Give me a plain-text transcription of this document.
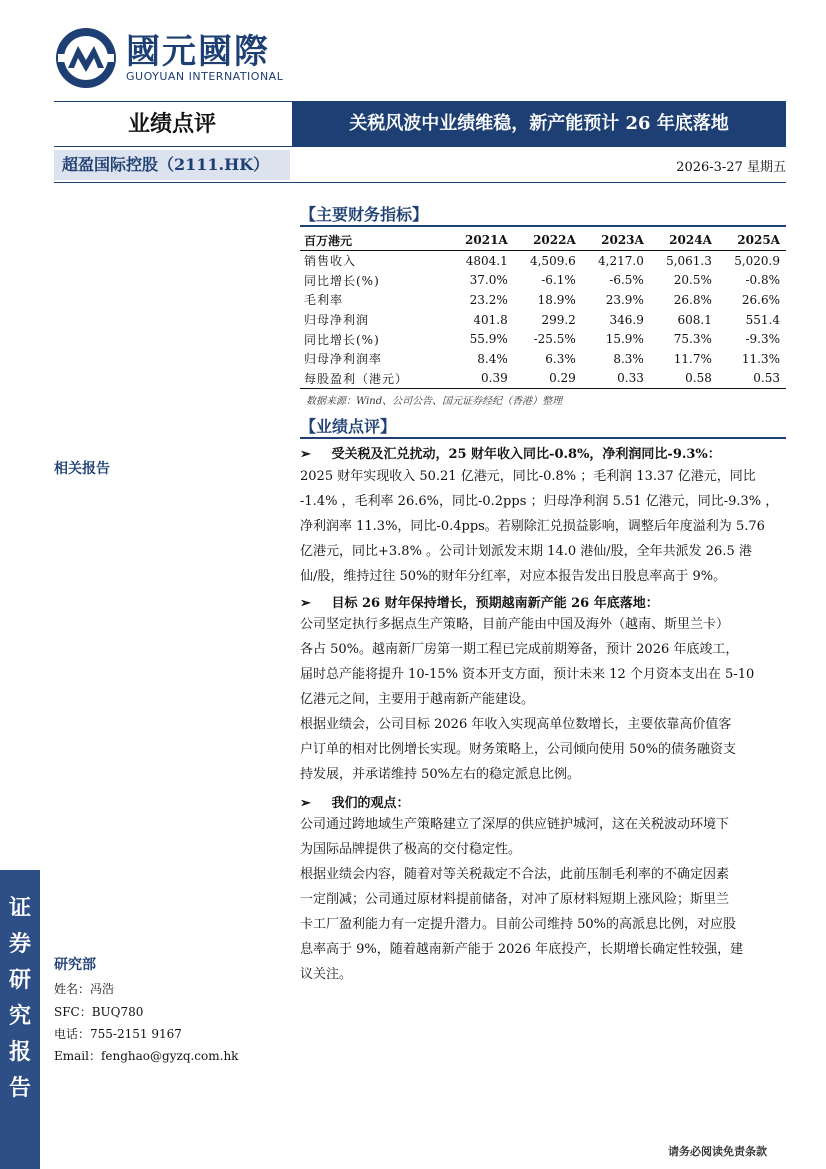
國元國際
GUOYUAN INTERNATIONAL
业绩点评	关税风波中业绩维稳，新产能预计 26 年底落地
超盈国际控股（2111.HK）	2026-3-27 星期五
相关报告
研究部
姓名：冯浩
SFC：BUQ780
电话：755-2151 9167
Email：fenghao@gyzq.com.hk
证
券
研
究
报
告
【主要财务指标】
百万港元	2021A	2022A	2023A	2024A	2025A
销售收入	4804.1	4,509.6	4,217.0	5,061.3	5,020.9
同比增长(%)	37.0%	-6.1%	-6.5%	20.5%	-0.8%
毛利率	23.2%	18.9%	23.9%	26.8%	26.6%
归母净利润	401.8	299.2	346.9	608.1	551.4
同比增长(%)	55.9%	-25.5%	15.9%	75.3%	-9.3%
归母净利润率	8.4%	6.3%	8.3%	11.7%	11.3%
每股盈利（港元）	0.39	0.29	0.33	0.58	0.53
数据来源：Wind、公司公告、国元证券经纪（香港）整理
【业绩点评】
➢ 受关税及汇兑扰动，25 财年收入同比-0.8%，净利润同比-9.3%：
2025 财年实现收入 50.21 亿港元，同比-0.8% ；毛利润 13.37 亿港元，同比
-1.4% ，毛利率 26.6%，同比-0.2pps ；归母净利润 5.51 亿港元，同比-9.3% ，
净利润率 11.3%，同比-0.4pps。若剔除汇兑损益影响，调整后年度溢利为 5.76
亿港元，同比+3.8% 。公司计划派发末期 14.0 港仙/股，全年共派发 26.5 港
仙/股，维持过往 50%的财年分红率，对应本报告发出日股息率高于 9%。
➢ 目标 26 财年保持增长，预期越南新产能 26 年底落地：
公司坚定执行多据点生产策略，目前产能由中国及海外（越南、斯里兰卡）
各占 50%。越南新厂房第一期工程已完成前期筹备，预计 2026 年底竣工，
届时总产能将提升 10-15% 资本开支方面，预计未来 12 个月资本支出在 5-10
亿港元之间，主要用于越南新产能建设。
根据业绩会，公司目标 2026 年收入实现高单位数增长，主要依靠高价值客
户订单的相对比例增长实现。财务策略上，公司倾向使用 50%的债务融资支
持发展，并承诺维持 50%左右的稳定派息比例。
➢ 我们的观点：
公司通过跨地域生产策略建立了深厚的供应链护城河，这在关税波动环境下
为国际品牌提供了极高的交付稳定性。
根据业绩会内容，随着对等关税裁定不合法，此前压制毛利率的不确定因素
一定削减；公司通过原材料提前储备，对冲了原材料短期上涨风险；斯里兰
卡工厂盈利能力有一定提升潜力。目前公司维持 50%的高派息比例，对应股
息率高于 9%，随着越南新产能于 2026 年底投产，长期增长确定性较强，建
议关注。
请务必阅读免责条款
